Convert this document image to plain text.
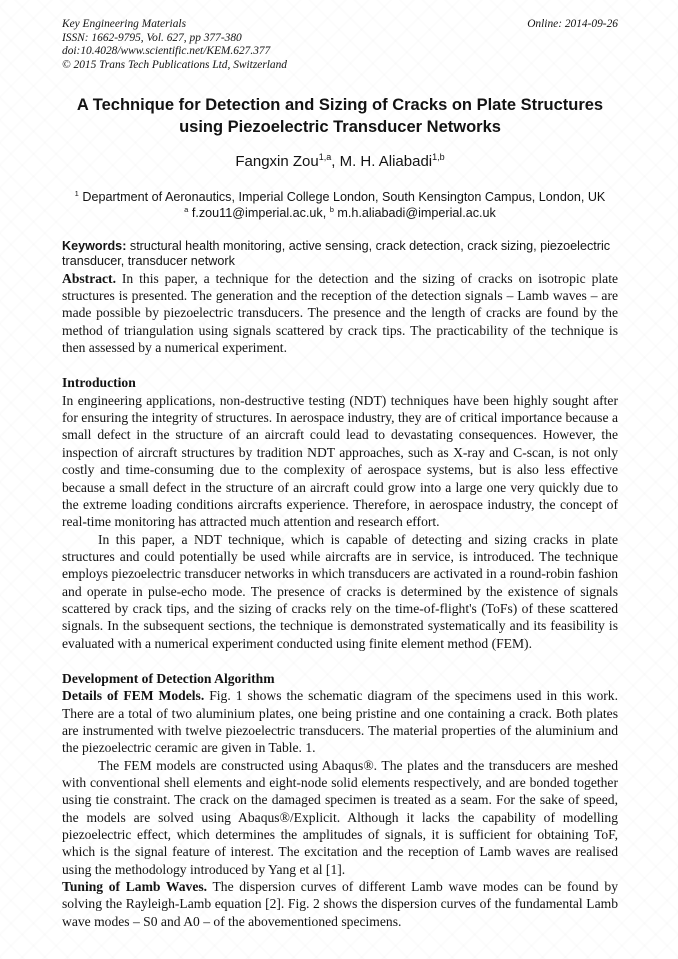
Key Engineering Materials
ISSN: 1662-9795, Vol. 627, pp 377-380
doi:10.4028/www.scientific.net/KEM.627.377
© 2015 Trans Tech Publications Ltd, Switzerland
Online: 2014-09-26
A Technique for Detection and Sizing of Cracks on Plate Structures using Piezoelectric Transducer Networks
Fangxin Zou$^{1,a}$, M. H. Aliabadi$^{1,b}$
$^1$ Department of Aeronautics, Imperial College London, South Kensington Campus, London, UK
$^a$ f.zou11@imperial.ac.uk, $^b$ m.h.aliabadi@imperial.ac.uk
Keywords: structural health monitoring, active sensing, crack detection, crack sizing, piezoelectric transducer, transducer network

Abstract. In this paper, a technique for the detection and the sizing of cracks on isotropic plate structures is presented. The generation and the reception of the detection signals – Lamb waves – are made possible by piezoelectric transducers. The presence and the length of cracks are found by the method of triangulation using signals scattered by crack tips. The practicability of the technique is then assessed by a numerical experiment.

Introduction

In engineering applications, non-destructive testing (NDT) techniques have been highly sought after for ensuring the integrity of structures. In aerospace industry, they are of critical importance because a small defect in the structure of an aircraft could lead to devastating consequences. However, the inspection of aircraft structures by tradition NDT approaches, such as X-ray and C-scan, is not only costly and time-consuming due to the complexity of aerospace systems, but is also less effective because a small defect in the structure of an aircraft could grow into a large one very quickly due to the extreme loading conditions aircrafts experience. Therefore, in aerospace industry, the concept of real-time monitoring has attracted much attention and research effort.

In this paper, a NDT technique, which is capable of detecting and sizing cracks in plate structures and could potentially be used while aircrafts are in service, is introduced. The technique employs piezoelectric transducer networks in which transducers are activated in a round-robin fashion and operate in pulse-echo mode. The presence of cracks is determined by the existence of signals scattered by crack tips, and the sizing of cracks rely on the time-of-flight's (ToFs) of these scattered signals. In the subsequent sections, the technique is demonstrated systematically and its feasibility is evaluated with a numerical experiment conducted using finite element method (FEM).

Development of Detection Algorithm

Details of FEM Models. Fig. 1 shows the schematic diagram of the specimens used in this work. There are a total of two aluminium plates, one being pristine and one containing a crack. Both plates are instrumented with twelve piezoelectric transducers. The material properties of the aluminium and the piezoelectric ceramic are given in Table. 1.

The FEM models are constructed using Abaqus®. The plates and the transducers are meshed with conventional shell elements and eight-node solid elements respectively, and are bonded together using tie constraint. The crack on the damaged specimen is treated as a seam. For the sake of speed, the models are solved using Abaqus®/Explicit. Although it lacks the capability of modelling piezoelectric effect, which determines the amplitudes of signals, it is sufficient for obtaining ToF, which is the signal feature of interest. The excitation and the reception of Lamb waves are realised using the methodology introduced by Yang et al [1].

Tuning of Lamb Waves. The dispersion curves of different Lamb wave modes can be found by solving the Rayleigh-Lamb equation [2]. Fig. 2 shows the dispersion curves of the fundamental Lamb wave modes – S0 and A0 – of the abovementioned specimens.
